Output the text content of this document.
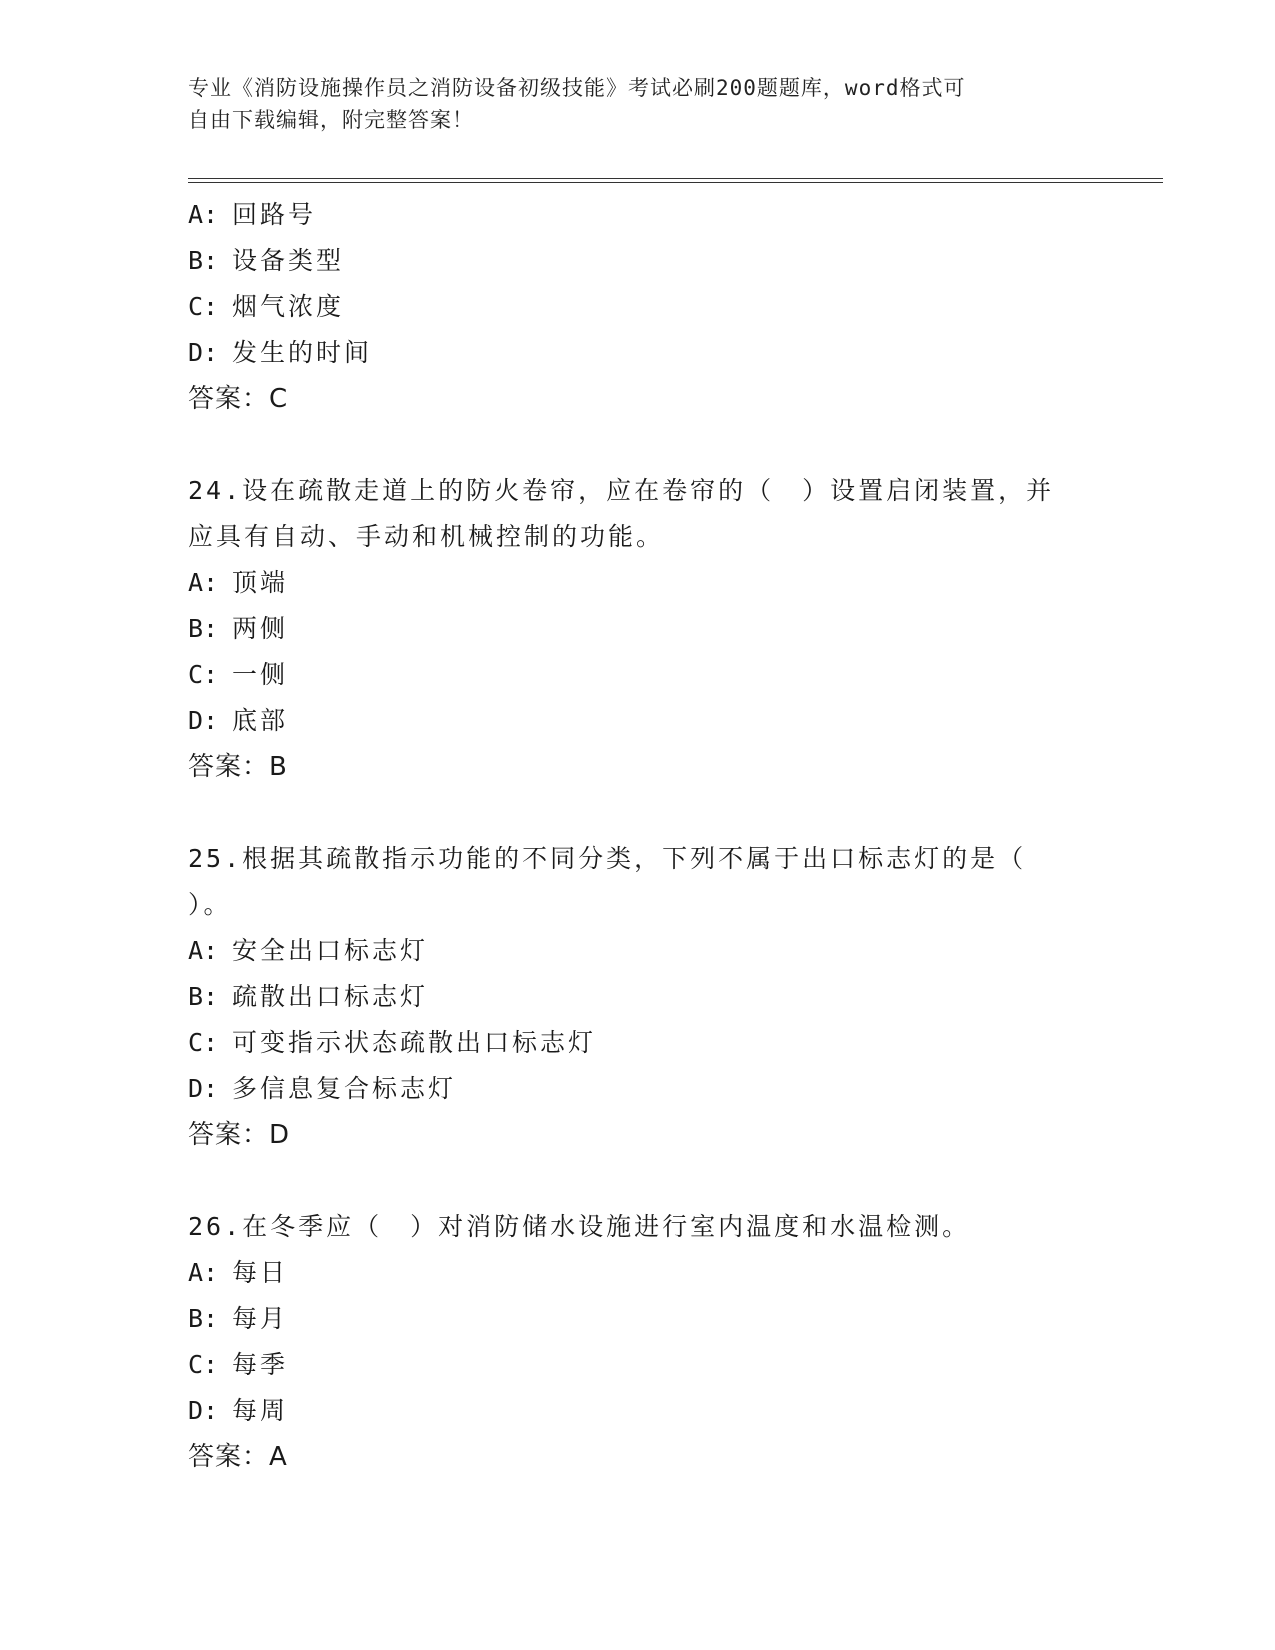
专业《消防设施操作员之消防设备初级技能》考试必刷200题题库，word格式可
自由下载编辑，附完整答案！
A: 回路号
B: 设备类型
C: 烟气浓度
D: 发生的时间
答案：C
24.设在疏散走道上的防火卷帘，应在卷帘的（　）设置启闭装置，并
应具有自动、手动和机械控制的功能。
A: 顶端
B: 两侧
C: 一侧
D: 底部
答案：B
25.根据其疏散指示功能的不同分类，下列不属于出口标志灯的是（
）。
A: 安全出口标志灯
B: 疏散出口标志灯
C: 可变指示状态疏散出口标志灯
D: 多信息复合标志灯
答案：D
26.在冬季应（　）对消防储水设施进行室内温度和水温检测。
A: 每日
B: 每月
C: 每季
D: 每周
答案：A
